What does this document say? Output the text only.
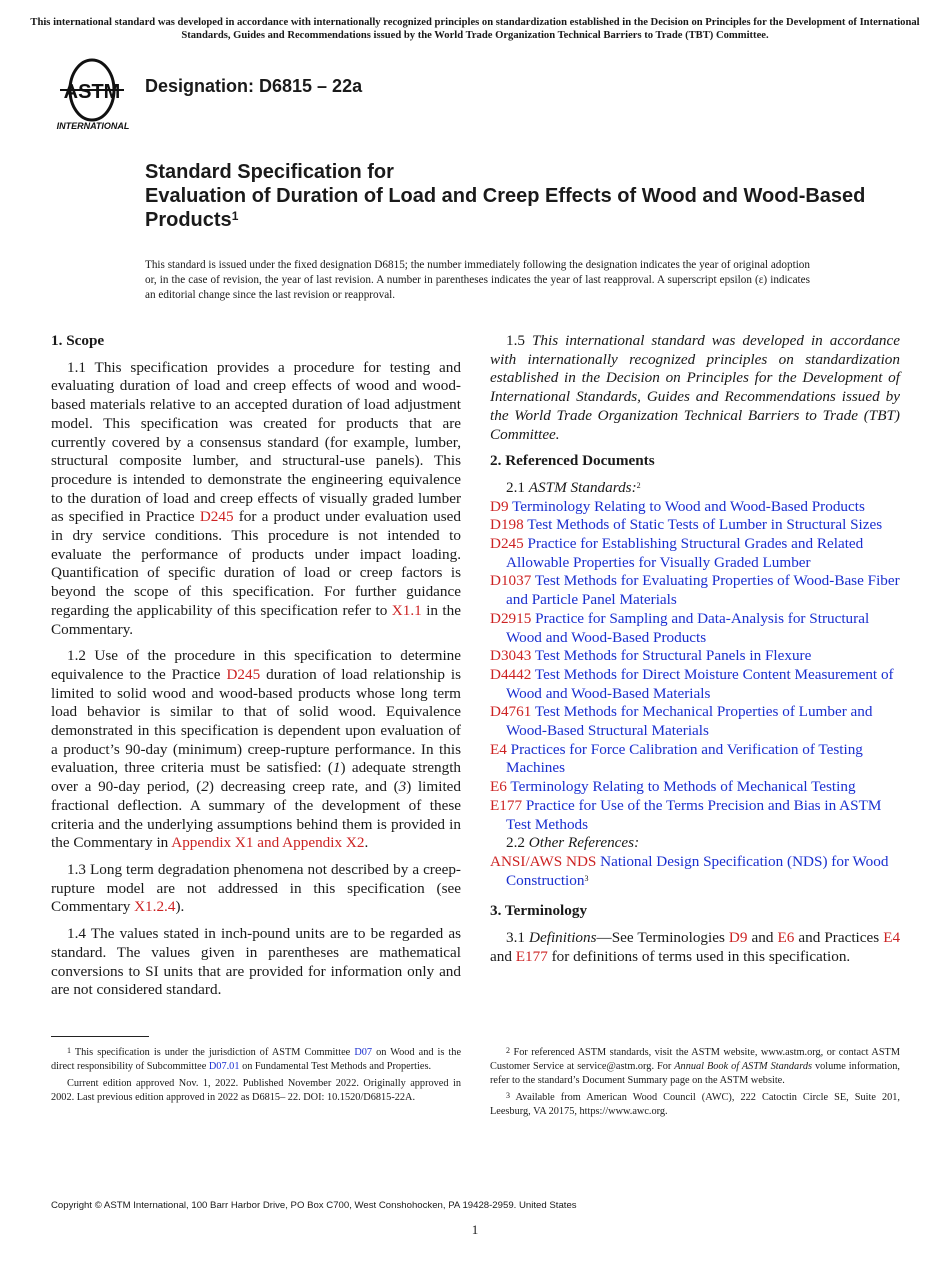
This international standard was developed in accordance with internationally recognized principles on standardization established in the Decision on Principles for the Development of International Standards, Guides and Recommendations issued by the World Trade Organization Technical Barriers to Trade (TBT) Committee.
ASTM
INTERNATIONAL
Designation: D6815 – 22a
Standard Specification for
Evaluation of Duration of Load and Creep Effects of Wood and Wood-Based Products$^1$
This standard is issued under the fixed designation D6815; the number immediately following the designation indicates the year of original adoption or, in the case of revision, the year of last revision. A number in parentheses indicates the year of last reapproval. A superscript epsilon (ε) indicates an editorial change since the last revision or reapproval.
1. Scope

1.1 This specification provides a procedure for testing and evaluating duration of load and creep effects of wood and wood-based materials relative to an accepted duration of load adjustment model. This specification was created for products that are currently covered by a consensus standard (for example, lumber, structural composite lumber, and structural-use panels). This procedure is intended to demonstrate the engineering equivalence to the duration of load and creep effects of visually graded lumber as specified in Practice D245 for a product under evaluation used in dry service conditions. This procedure is not intended to evaluate the performance of products under impact loading. Quantification of specific duration of load or creep factors is beyond the scope of this specification. For further guidance regarding the applicability of this specification refer to X1.1 in the Commentary.

1.2 Use of the procedure in this specification to determine equivalence to the Practice D245 duration of load relationship is limited to solid wood and wood-based products whose long term load behavior is similar to that of solid wood. Equivalence demonstrated in this specification is dependent upon evaluation of a product’s 90-day (minimum) creep-rupture performance. In this evaluation, three criteria must be satisfied: (1) adequate strength over a 90-day period, (2) decreasing creep rate, and (3) limited fractional deflection. A summary of the development of these criteria and the underlying assumptions behind them is provided in the Commentary in Appendix X1 and Appendix X2.

1.3 Long term degradation phenomena not described by a creep-rupture model are not addressed in this specification (see Commentary X1.2.4).

1.4 The values stated in inch-pound units are to be regarded as standard. The values given in parentheses are mathematical conversions to SI units that are provided for information only and are not considered standard.

1.5 This international standard was developed in accordance with internationally recognized principles on standardization established in the Decision on Principles for the Development of International Standards, Guides and Recommendations issued by the World Trade Organization Technical Barriers to Trade (TBT) Committee.

2. Referenced Documents
2.1 ASTM Standards:$^2$
D9 Terminology Relating to Wood and Wood-Based Products
D198 Test Methods of Static Tests of Lumber in Structural Sizes
D245 Practice for Establishing Structural Grades and Related Allowable Properties for Visually Graded Lumber
D1037 Test Methods for Evaluating Properties of Wood-Base Fiber and Particle Panel Materials
D2915 Practice for Sampling and Data-Analysis for Structural Wood and Wood-Based Products
D3043 Test Methods for Structural Panels in Flexure
D4442 Test Methods for Direct Moisture Content Measurement of Wood and Wood-Based Materials
D4761 Test Methods for Mechanical Properties of Lumber and Wood-Based Structural Materials
E4 Practices for Force Calibration and Verification of Testing Machines
E6 Terminology Relating to Methods of Mechanical Testing
E177 Practice for Use of the Terms Precision and Bias in ASTM Test Methods
2.2 Other References:
ANSI/AWS NDS National Design Specification (NDS) for Wood Construction$^3$
3. Terminology

3.1 Definitions—See Terminologies D9 and E6 and Practices E4 and E177 for definitions of terms used in this specification.

$^1$ This specification is under the jurisdiction of ASTM Committee D07 on Wood and is the direct responsibility of Subcommittee D07.01 on Fundamental Test Methods and Properties.

Current edition approved Nov. 1, 2022. Published November 2022. Originally approved in 2002. Last previous edition approved in 2022 as D6815– 22. DOI: 10.1520/D6815-22A.

$^2$ For referenced ASTM standards, visit the ASTM website, www.astm.org, or contact ASTM Customer Service at service@astm.org. For Annual Book of ASTM Standards volume information, refer to the standard’s Document Summary page on the ASTM website.

$^3$ Available from American Wood Council (AWC), 222 Catoctin Circle SE, Suite 201, Leesburg, VA 20175, https://www.awc.org.

Copyright © ASTM International, 100 Barr Harbor Drive, PO Box C700, West Conshohocken, PA 19428-2959. United States
1
